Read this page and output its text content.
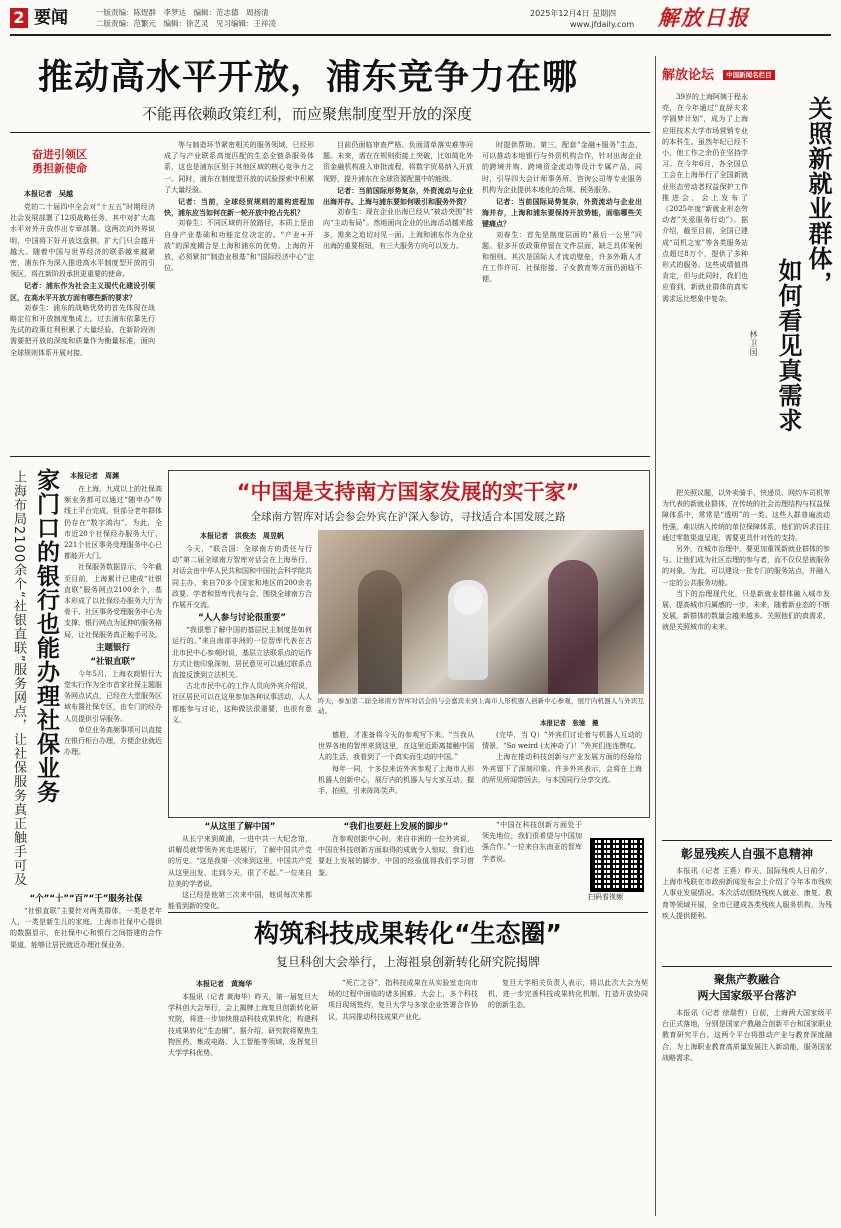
2 要闻	一版责编：陈煜群　李梦达　编辑：范志德　周扬清
二版责编：范繁元　编辑：徐艺灵　见习编辑：王祥凌
2025年12月4日 星期四
www.jfdaily.com 解放日报
推动高水平开放，浦东竞争力在哪
不能再依赖政策红利，而应聚焦制度型开放的深度
奋进引领区
勇担新使命
本报记者　吴越

党的二十届四中全会对“十五五”时期经济社会发展部署了12项战略任务，其中对扩大高水平对外开放作出专章部署。这两次向外界说明，中国将下好开放这盘棋，扩大门只会越开越大。随着中国与世界经济的联系越来越紧密，浦东作为深入推进高水平制度型开放的引领区，将在新阶段承担更重要的使命。

记者：浦东作为社会主义现代化建设引领区，在高水平开放方面有哪些新的要求？

刘春生：浦东的战略优势的首先体现在战略定位和开放制度集成上。过去浦东依靠先行先试的政策红利积累了大量经验，在新阶段则需要把开放的深度和质量作为衡量标准，面向全球规则体系开展对接。

等与制造环节紧密相关的服务领域，已经形成了与产业联系高度匹配的生态全链条服务体系，这也是浦东区别于其他区域的核心竞争力之一。同时，浦东在制度型开放的试验探索中积累了大量经验。

记者：当前，全球经贸规则的重构进程加快，浦东应当如何在新一轮开放中抢占先机？

刘春生：不同区域的开放路径，本质上是由自身产业基础和功能定位决定的。“产业+开放”的深度耦合是上海和浦东的优势。上海的开放，必须紧扣“制造业根基”和“国际经济中心”定位。

目前仍面临审查严格、负面清单落实难等问题。未来，需在在规则衔接上突破，比如简化外资金融机构准入审批流程，将数字贸易纳入开放视野，提升浦东在全球资源配置中的能级。

记者：当前国际形势复杂，外资流动与企业出海并存。上海与浦东要如何吸引和服务外资？

刘春生：现在企业出海已经从“被动突围”转向“主动布局”。然地面向企业的出海活动越来越多，需来之追切对见一面。上海和浦东作为企业出海的重要枢纽，有三大服务方向可以发力。

时提供帮助。第三，配套“金融+服务”生态，可以推动本地银行与外资机构合作，针对出海企业的跨境并购、跨境资金流动等设计专属产品，同时，引导四大会计师事务所、咨询公司等专业服务机构为企业提供本地化的合规、税务服务。

记者：当前国际局势复杂，外资流动与企业出海并存，上海和浦东要保持开放势能，面临哪些关键痛点？

刘春生：首先是制度层面的“最后一公里”问题。很多开放政策停留在文件层面，缺乏具体案例和细则。其次是国际人才流动壁垒，许多外籍人才在工作许可、社保衔接、子女教育等方面仍面临不便。

解放论坛 中国新闻名栏目
关照新就业群体，
如何看见真需求
林卫国

39岁的上海阿姨于程永亮，在今年通过“直辞夫求学圆梦计划”，成为了上海应用技术大学市场营销专业的本科生。虽然年纪已经不小，他工作之余仍在坚持学习。在今年6月，各全国总工会在上海举行了全国新就业形态劳动者权益保护工作推进会，会上发布了《2025年度“新就业形态劳动者”关爱服务行动”》。据介绍，截至目前，全国已建成“司机之家”等各类服务站点超过8万个，提供了多种形式的服务。这些成绩值得肯定，但与此同时，我们也应看到，新就业群体的真实需求远比想象中复杂。

把关照议题，以外卖骑手、快递员、网约车司机等为代表的新就业群体，在传统的社会治理结构与权益保障体系中，常常是“透明”的一类。这些人群普遍流动性强，难以纳入传统的单位保障体系，他们的诉求往往通过零散渠道呈现，需要更具针对性的支持。

另外，在城市治理中，要更加重视新就业群体的参与。让他们成为社区治理的参与者，而不仅仅是被服务的对象。为此，可以建设一批专门的服务站点，并融入一定的公共服务功能。

当下的治理现代化，只是新就业群体融入城市发展、提高城市归属感的一步。未来，随着新业态的不断发展，新群体的数量会越来越多。关照他们的真需求，就是关照城市的未来。

上海布局2100余个“社银直联”服务网点，让社保服务真正触手可及 家门口的银行也能办理社保业务 本报记者　周渊

在上海，九成以上的社保高频业务都可以通过“随申办”等线上平台完成，但部分老年群体仍存在“数字鸿沟”。为此，全市近20个社保经办服务大厅、221个社区事务受理服务中心已都能开大门。

社保服务数据显示，今年截至目前，上海累计已建成“社银直联”服务网点2100余个，基本形成了以社保经办服务大厅为骨干、社区事务受理服务中心为支撑、银行网点为延伸的服务格局，让社保服务真正触手可及。

主题银行
“社银直联”

今年5月，上海农商银行大堂实行作为全市首家社保主题服务网点试点，已经在大堂服务区域布置社保专区，由专门的经办人员提供引导服务。

单位业务高频事项可以直接在银行柜台办理，方便企业就近办理。

“个”“十”“百”“千”服务社保

“社银直联”主要针对两类群体，一类是老年人，一类是新生儿的家庭。上海市社保中心提供的数据显示，在社保中心和银行之间搭建的合作渠道，能够让居民就近办理社保业务。

“中国是支持南方国家发展的实干家”
全球南方智库对话会参会外宾在沪深入参访，寻找适合本国发展之路
本报记者　洪俊杰　周昱帆

今天，“联合国：全球南方的责任与行动”第二届全球南方智库对话会在上海举行，对话会由中华人民共和国和中国社会科学院共同主办，来自70多个国家和地区的200余名政要、学者和智库代表与会，围绕全球南方合作展开交流。

“人人参与讨论很重要”

“我很想了解中国的基层民主制度是如何运行的。”来自南部非洲的一位智库代表在古北市民中心参观时说，基层立法联系点的运作方式让他印象深刻，居民意见可以通过联系点直接反馈到立法机关。

古北市民中心的工作人员向外宾介绍说，社区居民可以在这里参加各种议事活动，人人都能参与讨论，这种做法很重要，也很有意义。

昨天，参加第二届全球南方智库对话会的与会嘉宾来到上海市人形机器人创新中心参观，展厅内机器人与外宾互动。
本报记者　张驰　摄

德胜，才准备将今天的参观写下来。“当我从世界各地的智库来到这里，在这里近距离接触中国人的生活，我看到了一个真实而生动的中国。”

每年一同，十多位来访外宾参观了上海市人形机器人创新中心，展厅内的机器人与大家互动，握手、拍照，引来阵阵笑声。

(完毕，当 Q）“外宾们讨论着与机器人互动的情景，“So weird (太神奇了)！”外宾们连连赞叹。

上海在推动科技创新与产业发展方面的经验给外宾留下了深刻印象。许多外宾表示，会将在上海的所见所闻带回去，与本国同行分享交流。

“从这里了解中国”

从长宁来到黄浦，一进中共一大纪念馆，讲解员就带领外宾走进展厅，了解中国共产党的历史。“这是我第一次来到这里，中国共产党从这里出发，走到今天，很了不起。”一位来自拉美的学者说。

这已经是他第三次来中国，他说每次来都能看到新的变化。

“我们也要赶上发展的脚步”

在参观创新中心时，来自非洲的一位外宾说，中国在科技创新方面取得的成就令人惊叹，我们也要赶上发展的脚步，中国的经验值得我们学习借鉴。

“中国在科技创新方面处于领先地位，我们很希望与中国加强合作。”一位来自东南亚的智库学者说。

扫码看视频
构筑科技成果转化“生态圈”
复旦科创大会举行，上海祖泉创新转化研究院揭牌
本报记者　黄海华

本报讯（记者 黄海华）昨天，第一届复旦大学科创大会举行，会上揭牌上海复旦创新转化研究院，将进一步加快推动科技成果转化，构建科技成果转化“生态圈”。据介绍，研究院将聚焦生物医药、集成电路、人工智能等领域，发挥复旦大学学科优势。

“死亡之谷”，指科技成果在从实验室走向市场的过程中面临的诸多困难。大会上，多个科技项目现场签约，复旦大学与多家企业签署合作协议，共同推动科技成果产业化。

复旦大学相关负责人表示，将以此次大会为契机，进一步完善科技成果转化机制，打造开放协同的创新生态。

彰显残疾人自强不息精神

本报讯（记者 王燕）昨天，国际残疾人日前夕，上海市残联在市政府新闻发布会上介绍了今年本市残疾人事业发展情况。本次活动围绕残疾人就业、康复、教育等领域开展，全市已建成各类残疾人服务机构，为残疾人提供便利。

聚焦产教融合
两大国家级平台落沪

本报讯（记者 徐瑞哲）日前，上海两大国家级平台正式落地，分别是国家产教融合创新平台和国家职业教育研究平台。这两个平台将推动产业与教育深度融合，为上海职业教育高质量发展注入新动能，服务国家战略需求。
